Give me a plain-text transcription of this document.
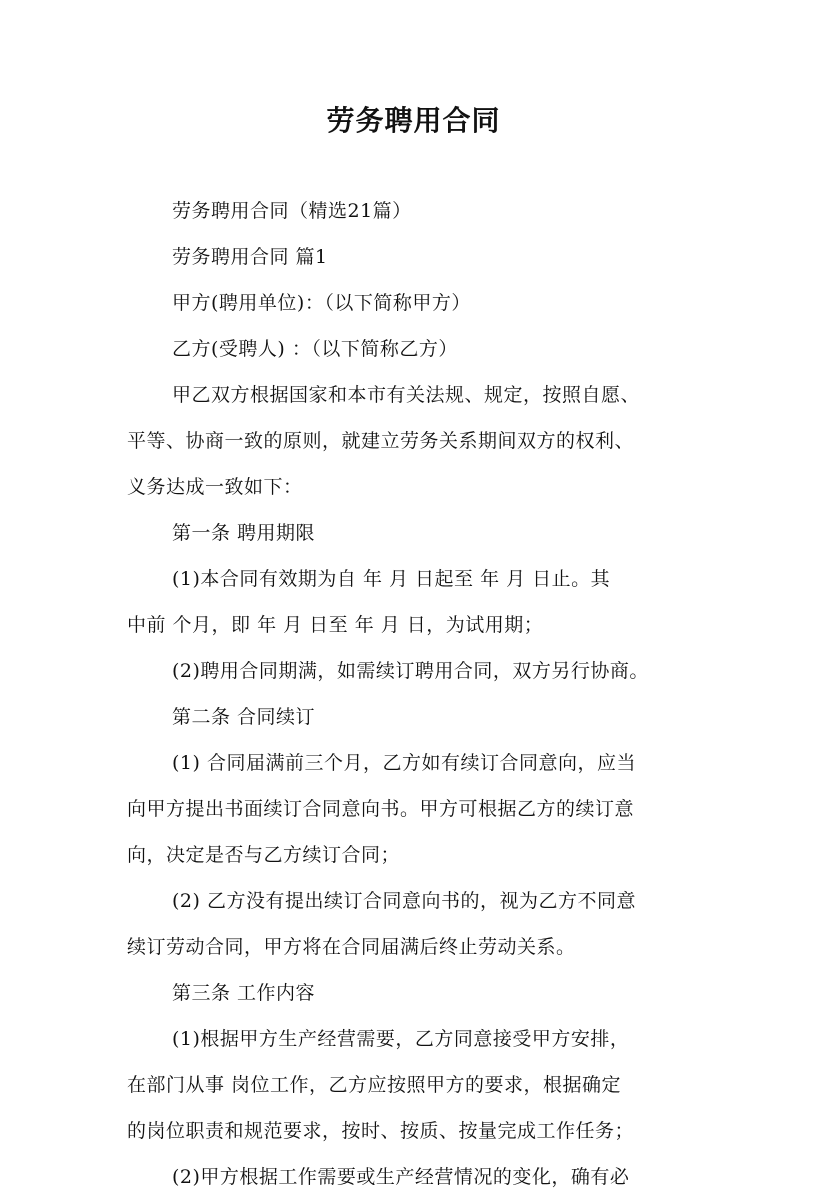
劳务聘用合同

劳务聘用合同（精选21篇）

劳务聘用合同 篇1

甲方(聘用单位)：（以下简称甲方）

乙方(受聘人) ：（以下简称乙方）

甲乙双方根据国家和本市有关法规、规定，按照自愿、
平等、协商一致的原则，就建立劳务关系期间双方的权利、
义务达成一致如下：

第一条 聘用期限

(1)本合同有效期为自 年 月 日起至 年 月 日止。其
中前 个月，即 年 月 日至 年 月 日，为试用期；

(2)聘用合同期满，如需续订聘用合同，双方另行协商。

第二条 合同续订

(1) 合同届满前三个月，乙方如有续订合同意向，应当
向甲方提出书面续订合同意向书。甲方可根据乙方的续订意
向，决定是否与乙方续订合同；

(2) 乙方没有提出续订合同意向书的，视为乙方不同意
续订劳动合同，甲方将在合同届满后终止劳动关系。

第三条 工作内容

(1)根据甲方生产经营需要，乙方同意接受甲方安排，
在部门从事 岗位工作，乙方应按照甲方的要求，根据确定
的岗位职责和规范要求，按时、按质、按量完成工作任务；

(2)甲方根据工作需要或生产经营情况的变化，确有必
